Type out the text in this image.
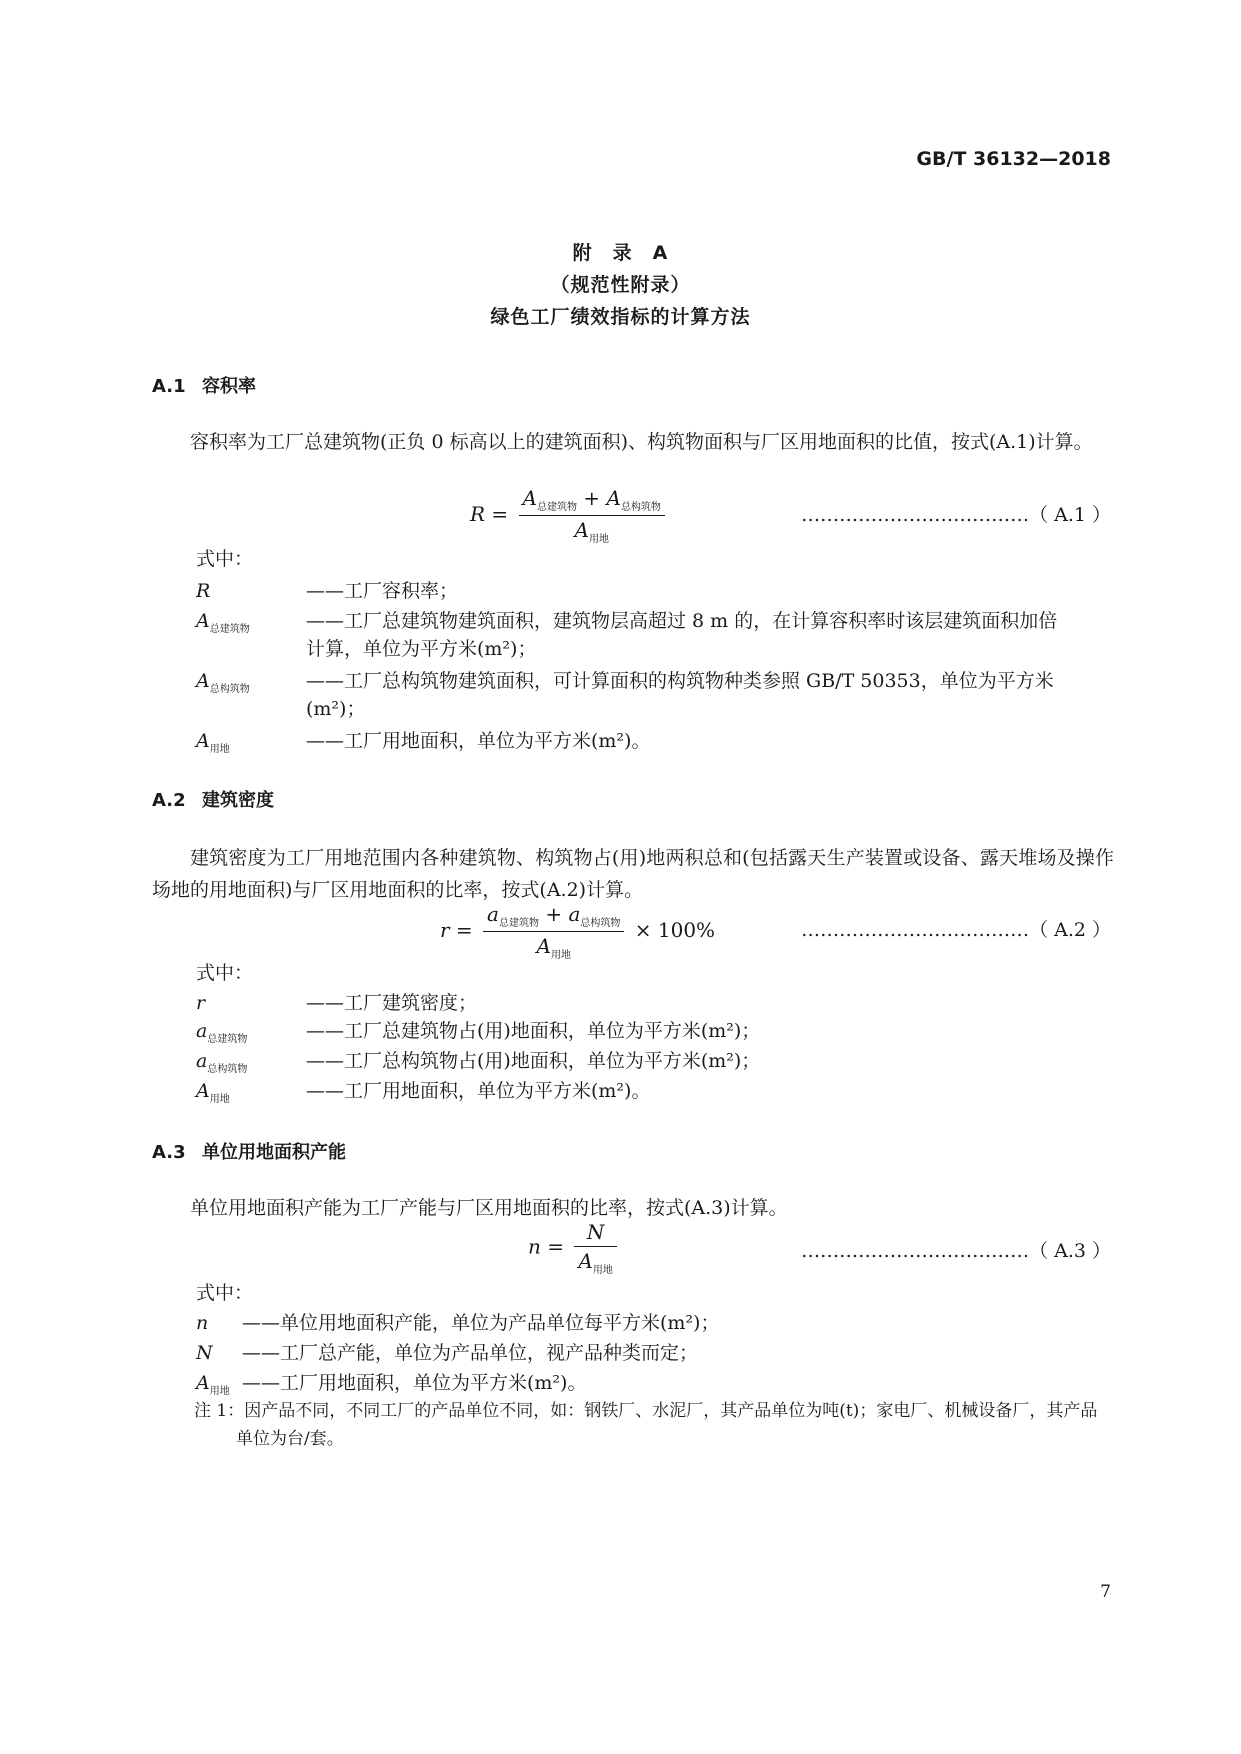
GB/T 36132—2018
附　录　A
（规范性附录）
绿色工厂绩效指标的计算方法
A.1 容积率
容积率为工厂总建筑物(正负 0 标高以上的建筑面积)、构筑物面积与厂区用地面积的比值，按式(A.1)计算。
$R = \frac{A_{总建筑物} + A_{总构筑物}}{A_{用地}}$	………………………………（ A.1 ）
式中：
R	——工厂容积率；
$A_{总建筑物}$	——工厂总建筑物建筑面积，建筑物层高超过 8 m 的，在计算容积率时该层建筑面积加倍
计算，单位为平方米(m²)；
$A_{总构筑物}$	——工厂总构筑物建筑面积，可计算面积的构筑物种类参照 GB/T 50353，单位为平方米
(m²)；
$A_{用地}$	——工厂用地面积，单位为平方米(m²)。
A.2 建筑密度
建筑密度为工厂用地范围内各种建筑物、构筑物占(用)地两积总和(包括露天生产装置或设备、露天堆场及操作场地的用地面积)与厂区用地面积的比率，按式(A.2)计算。
$r = \frac{a_{总建筑物} + a_{总构筑物}}{A_{用地}} \times 100\%$	………………………………（ A.2 ）
式中：
r	——工厂建筑密度；
$a_{总建筑物}$	——工厂总建筑物占(用)地面积，单位为平方米(m²)；
$a_{总构筑物}$	——工厂总构筑物占(用)地面积，单位为平方米(m²)；
$A_{用地}$	——工厂用地面积，单位为平方米(m²)。
A.3 单位用地面积产能
单位用地面积产能为工厂产能与厂区用地面积的比率，按式(A.3)计算。
$n = \frac{N}{A_{用地}}$	………………………………（ A.3 ）
式中：
n ——单位用地面积产能，单位为产品单位每平方米(m²)；
N ——工厂总产能，单位为产品单位，视产品种类而定；
$A_{用地}$ ——工厂用地面积，单位为平方米(m²)。
注 1：因产品不同，不同工厂的产品单位不同，如：钢铁厂、水泥厂，其产品单位为吨(t)；家电厂、机械设备厂，其产品
单位为台/套。
7
